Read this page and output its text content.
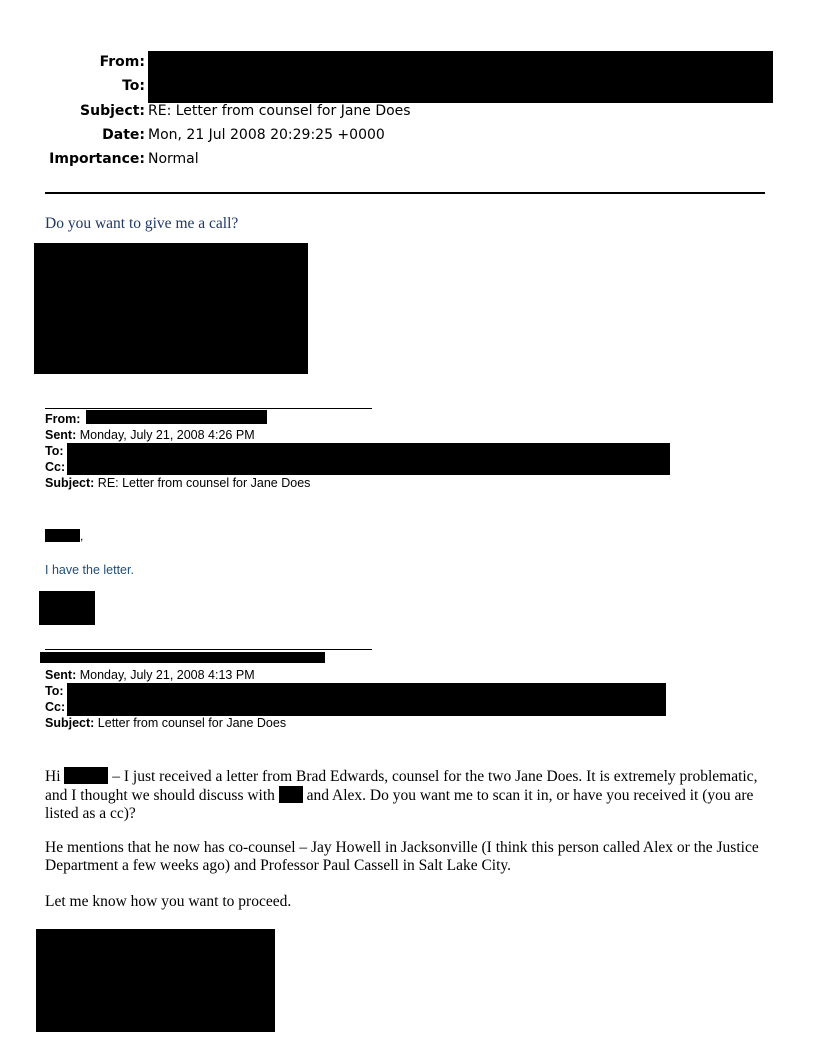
From:
To:
Subject: RE: Letter from counsel for Jane Does
Date: Mon, 21 Jul 2008 20:29:25 +0000
Importance: Normal
Do you want to give me a call?
From:
Sent: Monday, July 21, 2008 4:26 PM
To:
Cc:
Subject: RE: Letter from counsel for Jane Does
,
I have the letter.
Sent: Monday, July 21, 2008 4:13 PM
To:
Cc:
Subject: Letter from counsel for Jane Does
Hi	– I just received a letter from Brad Edwards, counsel for the two Jane Does. It is extremely problematic, and I thought we should discuss with and Alex. Do you want me to scan it in, or have you received it (you are listed as a cc)?
He mentions that he now has co-counsel – Jay Howell in Jacksonville (I think this person called Alex or the Justice Department a few weeks ago) and Professor Paul Cassell in Salt Lake City.
Let me know how you want to proceed.
